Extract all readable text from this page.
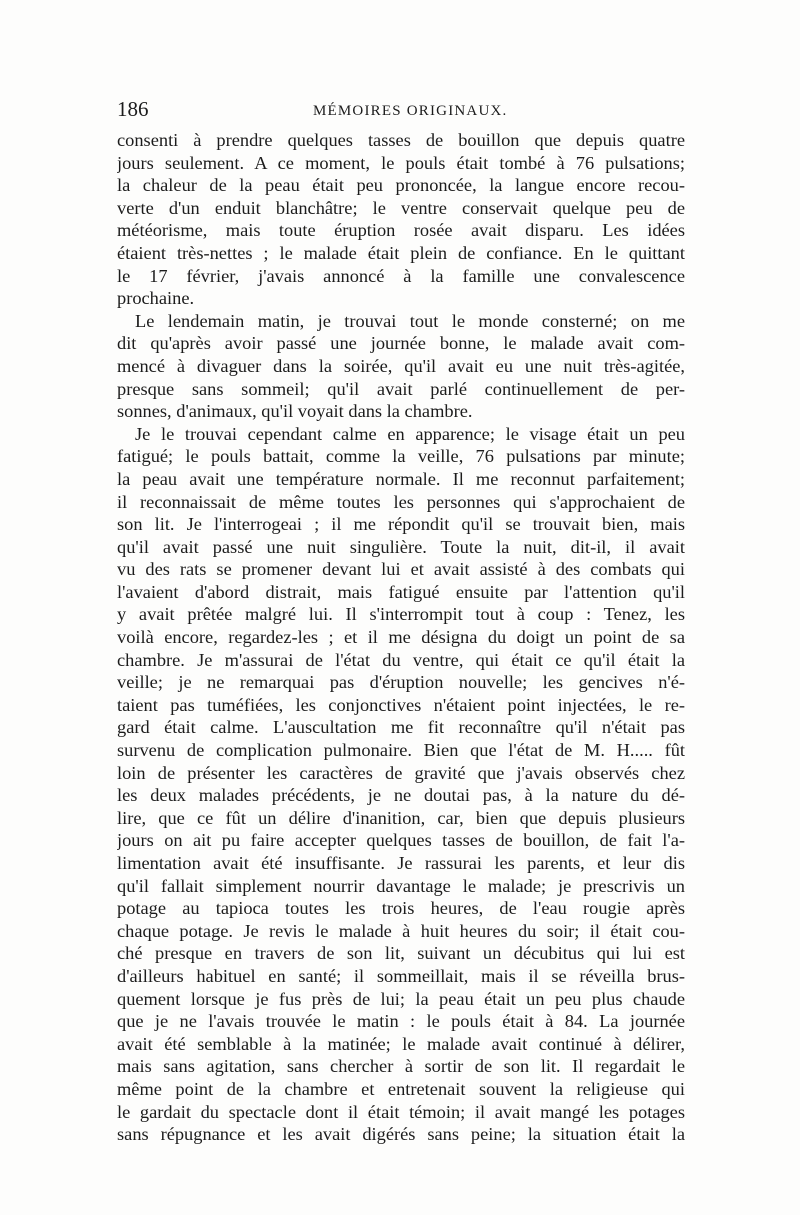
186	MÉMOIRES ORIGINAUX.
consenti à prendre quelques tasses de bouillon que depuis quatre
jours seulement. A ce moment, le pouls était tombé à 76 pulsations;
la chaleur de la peau était peu prononcée, la langue encore recou-
verte d'un enduit blanchâtre; le ventre conservait quelque peu de
météorisme, mais toute éruption rosée avait disparu. Les idées
étaient très-nettes ; le malade était plein de confiance. En le quittant
le 17 février, j'avais annoncé à la famille une convalescence
prochaine.
Le lendemain matin, je trouvai tout le monde consterné; on me
dit qu'après avoir passé une journée bonne, le malade avait com-
mencé à divaguer dans la soirée, qu'il avait eu une nuit très-agitée,
presque sans sommeil; qu'il avait parlé continuellement de per-
sonnes, d'animaux, qu'il voyait dans la chambre.
Je le trouvai cependant calme en apparence; le visage était un peu
fatigué; le pouls battait, comme la veille, 76 pulsations par minute;
la peau avait une température normale. Il me reconnut parfaitement;
il reconnaissait de même toutes les personnes qui s'approchaient de
son lit. Je l'interrogeai ; il me répondit qu'il se trouvait bien, mais
qu'il avait passé une nuit singulière. Toute la nuit, dit-il, il avait
vu des rats se promener devant lui et avait assisté à des combats qui
l'avaient d'abord distrait, mais fatigué ensuite par l'attention qu'il
y avait prêtée malgré lui. Il s'interrompit tout à coup : Tenez, les
voilà encore, regardez-les ; et il me désigna du doigt un point de sa
chambre. Je m'assurai de l'état du ventre, qui était ce qu'il était la
veille; je ne remarquai pas d'éruption nouvelle; les gencives n'é-
taient pas tuméfiées, les conjonctives n'étaient point injectées, le re-
gard était calme. L'auscultation me fit reconnaître qu'il n'était pas
survenu de complication pulmonaire. Bien que l'état de M. H..... fût
loin de présenter les caractères de gravité que j'avais observés chez
les deux malades précédents, je ne doutai pas, à la nature du dé-
lire, que ce fût un délire d'inanition, car, bien que depuis plusieurs
jours on ait pu faire accepter quelques tasses de bouillon, de fait l'a-
limentation avait été insuffisante. Je rassurai les parents, et leur dis
qu'il fallait simplement nourrir davantage le malade; je prescrivis un
potage au tapioca toutes les trois heures, de l'eau rougie après
chaque potage. Je revis le malade à huit heures du soir; il était cou-
ché presque en travers de son lit, suivant un décubitus qui lui est
d'ailleurs habituel en santé; il sommeillait, mais il se réveilla brus-
quement lorsque je fus près de lui; la peau était un peu plus chaude
que je ne l'avais trouvée le matin : le pouls était à 84. La journée
avait été semblable à la matinée; le malade avait continué à délirer,
mais sans agitation, sans chercher à sortir de son lit. Il regardait le
même point de la chambre et entretenait souvent la religieuse qui
le gardait du spectacle dont il était témoin; il avait mangé les potages
sans répugnance et les avait digérés sans peine; la situation était la
